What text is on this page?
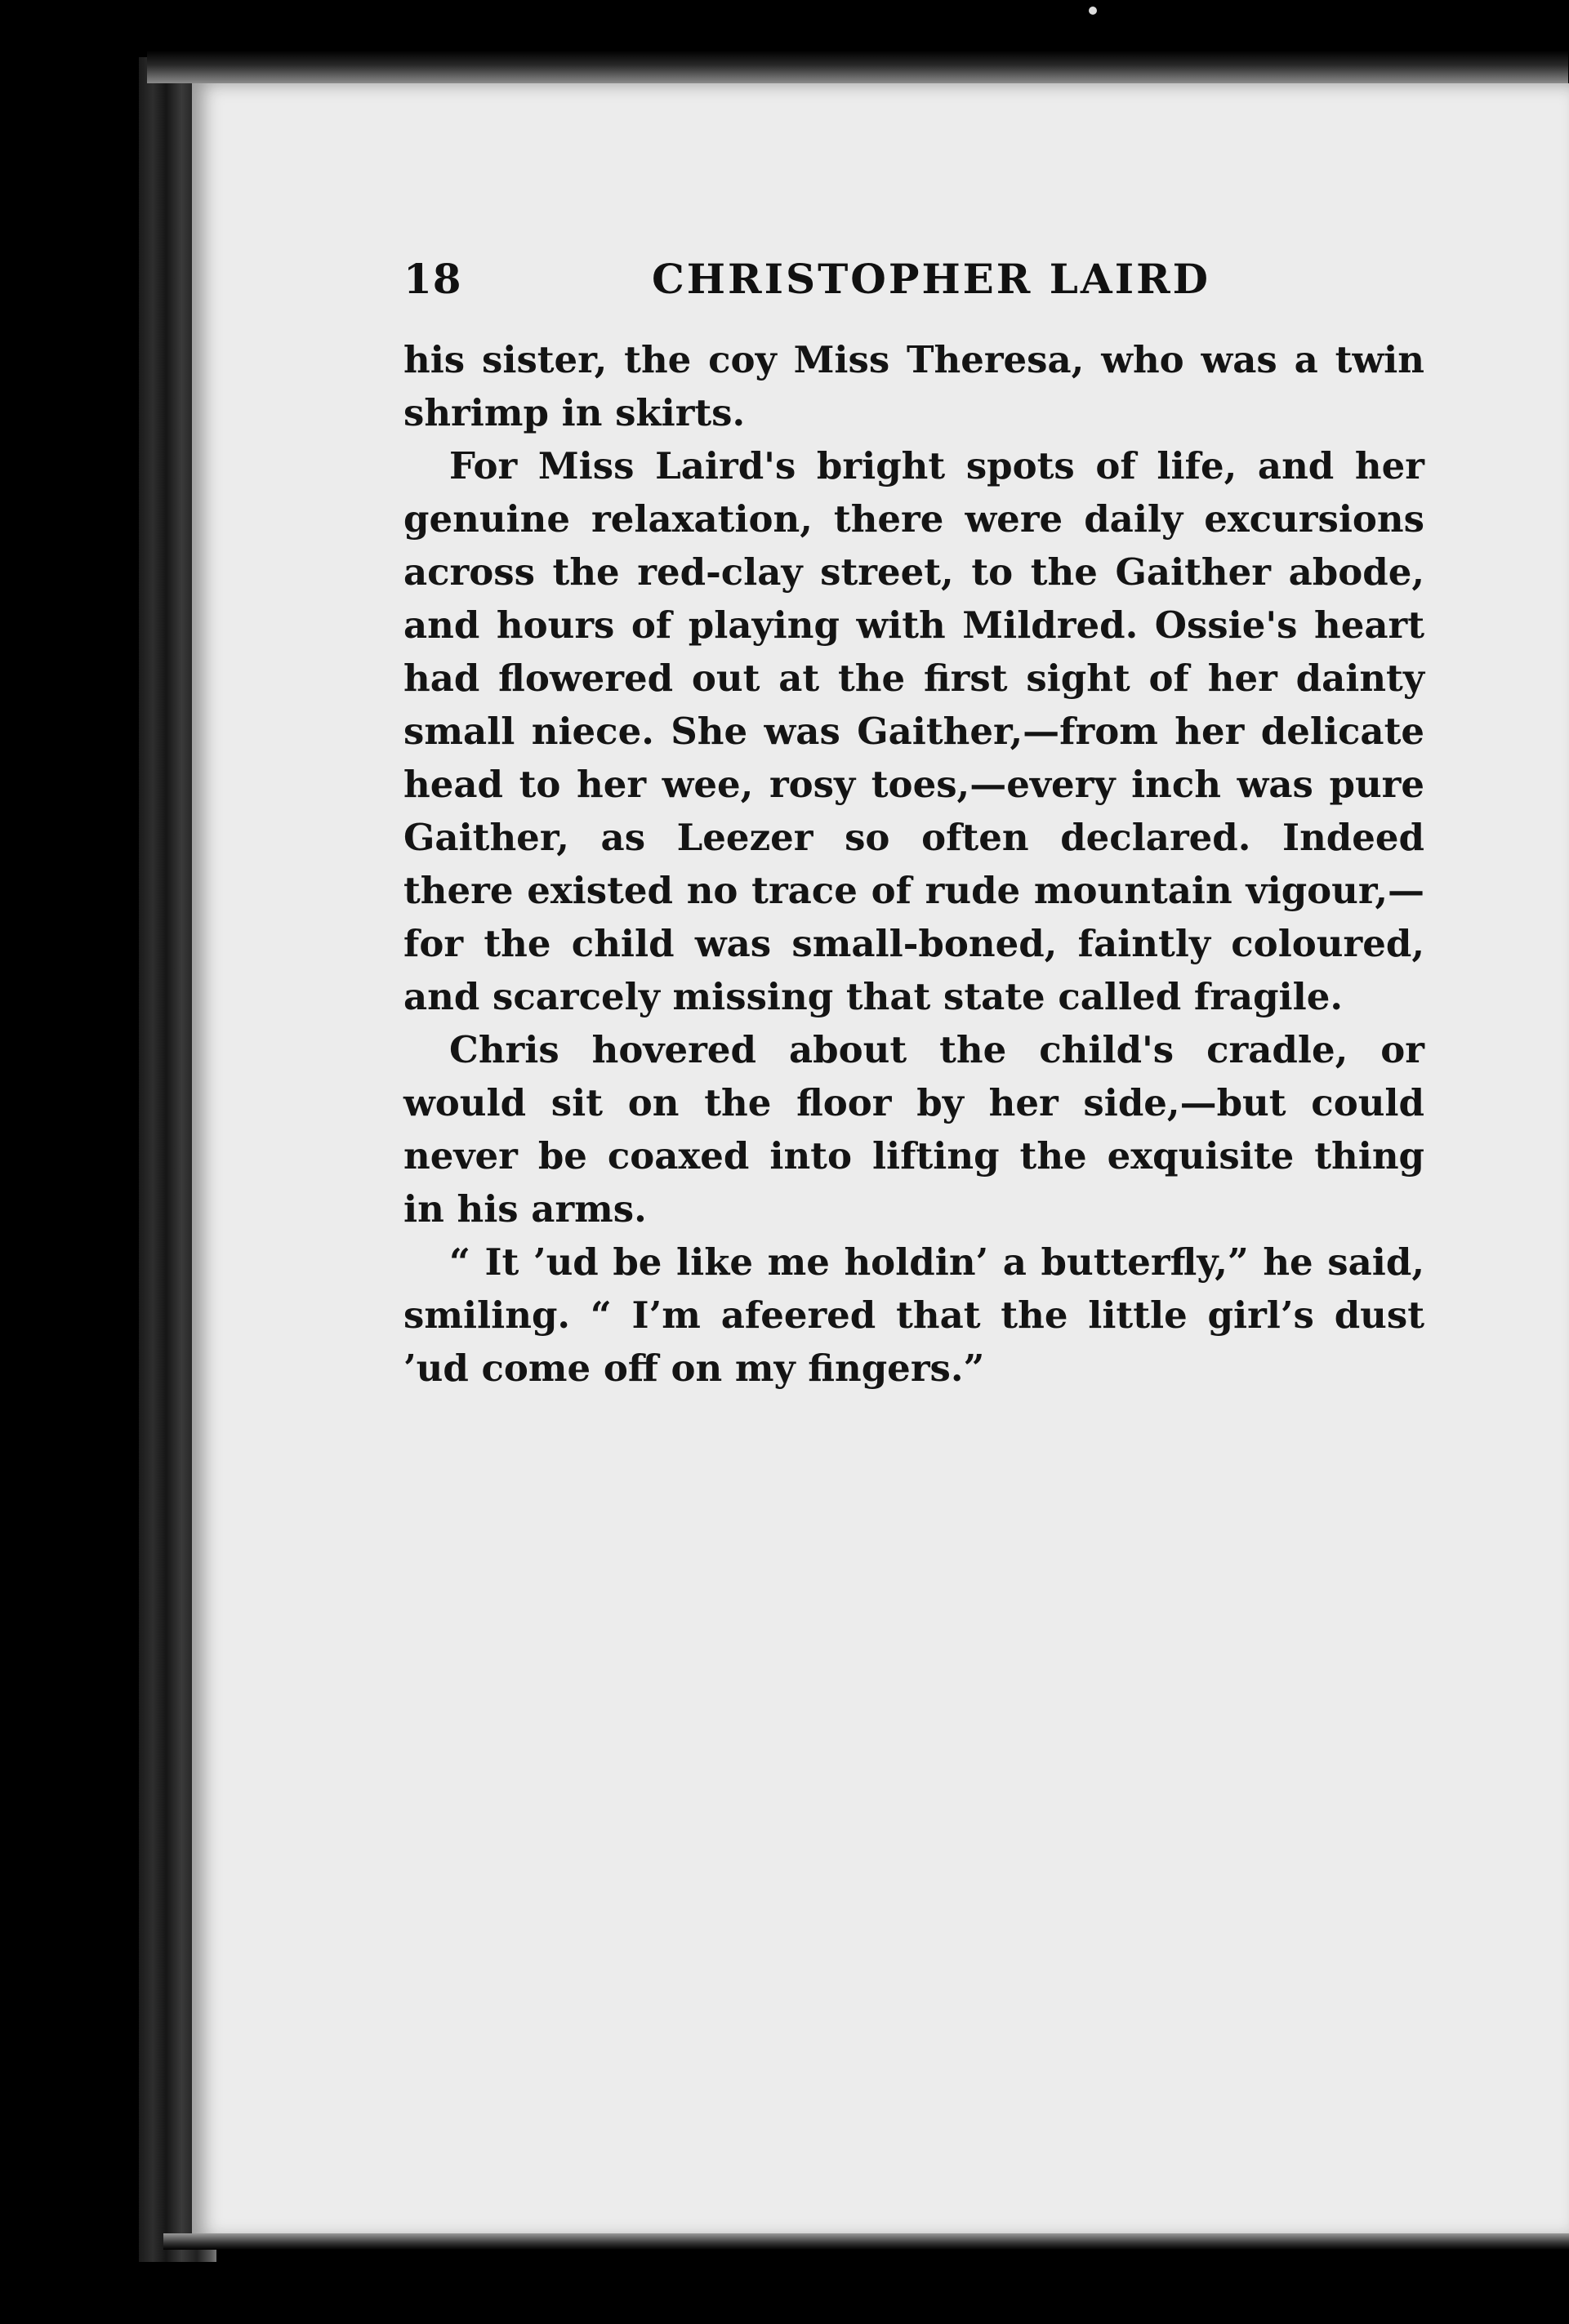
18	CHRISTOPHER LAIRD

his sister, the coy Miss Theresa, who was a twin shrimp in skirts.

For Miss Laird's bright spots of life, and her genuine relaxation, there were daily excursions across the red-clay street, to the Gaither abode, and hours of playing with Mildred. Ossie's heart had flowered out at the first sight of her dainty small niece. She was Gaither,—from her delicate head to her wee, rosy toes,—every inch was pure Gaither, as Leezer so often declared. Indeed there existed no trace of rude mountain vigour,—for the child was small-boned, faintly coloured, and scarcely missing that state called fragile.

Chris hovered about the child's cradle, or would sit on the floor by her side,—but could never be coaxed into lifting the exquisite thing in his arms.

“ It ’ud be like me holdin’ a butterfly,” he said, smiling. “ I’m afeered that the little girl’s dust ’ud come off on my fingers.”
